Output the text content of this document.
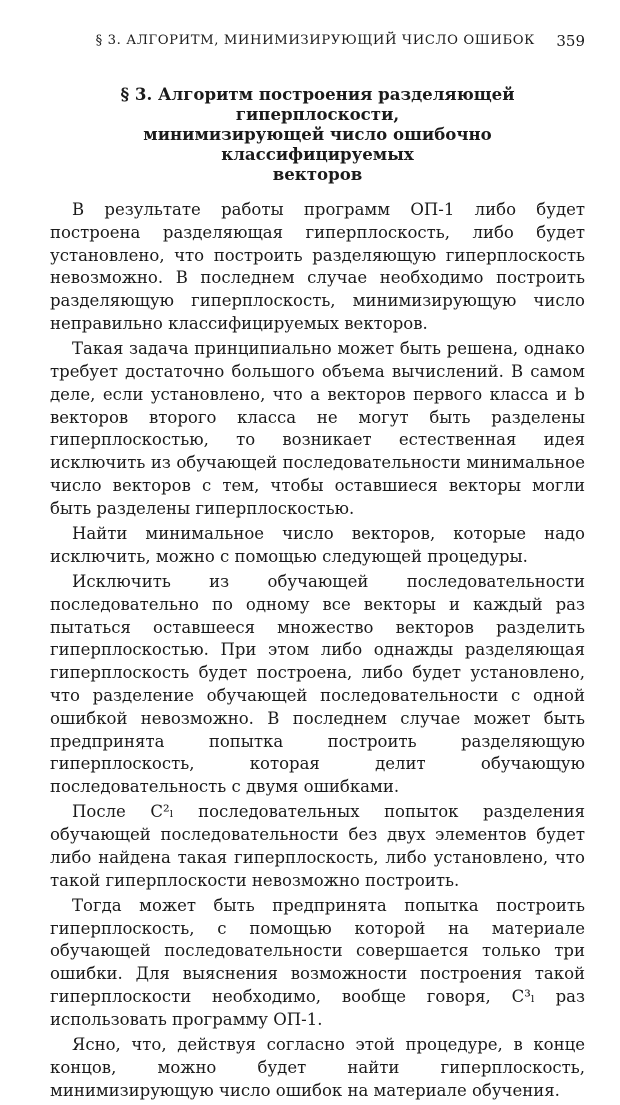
§ 3. АЛГОРИТМ, МИНИМИЗИРУЮЩИЙ ЧИСЛО ОШИБОК 359
§ 3. Алгоритм построения разделяющей гиперплоскости,
минимизирующей число ошибочно классифицируемых
векторов

В результате работы программ ОП-1 либо будет построена разделяющая гиперплоскость, либо будет установлено, что построить разделяющую гиперплоскость невозможно. В последнем случае необходимо построить разделяющую гиперплоскость, минимизирующую число неправильно классифицируемых векторов.

Такая задача принципиально может быть решена, однако требует достаточно большого объема вычислений. В самом деле, если установлено, что a векторов первого класса и b векторов второго класса не могут быть разделены гиперплоскостью, то возникает естественная идея исключить из обучающей последовательности минимальное число векторов с тем, чтобы оставшиеся векторы могли быть разделены гиперплоскостью.

Найти минимальное число векторов, которые надо исключить, можно с помощью следующей процедуры.

Исключить из обучающей последовательности последовательно по одному все векторы и каждый раз пытаться оставшееся множество векторов разделить гиперплоскостью. При этом либо однажды разделяющая гиперплоскость будет построена, либо будет установлено, что разделение обучающей последовательности с одной ошибкой невозможно. В последнем случае может быть предпринята попытка построить разделяющую гиперплоскость, которая делит обучающую последовательность с двумя ошибками.

После C²ₗ последовательных попыток разделения обучающей последовательности без двух элементов будет либо найдена такая гиперплоскость, либо установлено, что такой гиперплоскости невозможно построить.

Тогда может быть предпринята попытка построить гиперплоскость, с помощью которой на материале обучающей последовательности совершается только три ошибки. Для выяснения возможности построения такой гиперплоскости необходимо, вообще говоря, C³ₗ раз использовать программу ОП-1.

Ясно, что, действуя согласно этой процедуре, в конце концов, можно будет найти гиперплоскость, минимизирующую число ошибок на материале обучения.
